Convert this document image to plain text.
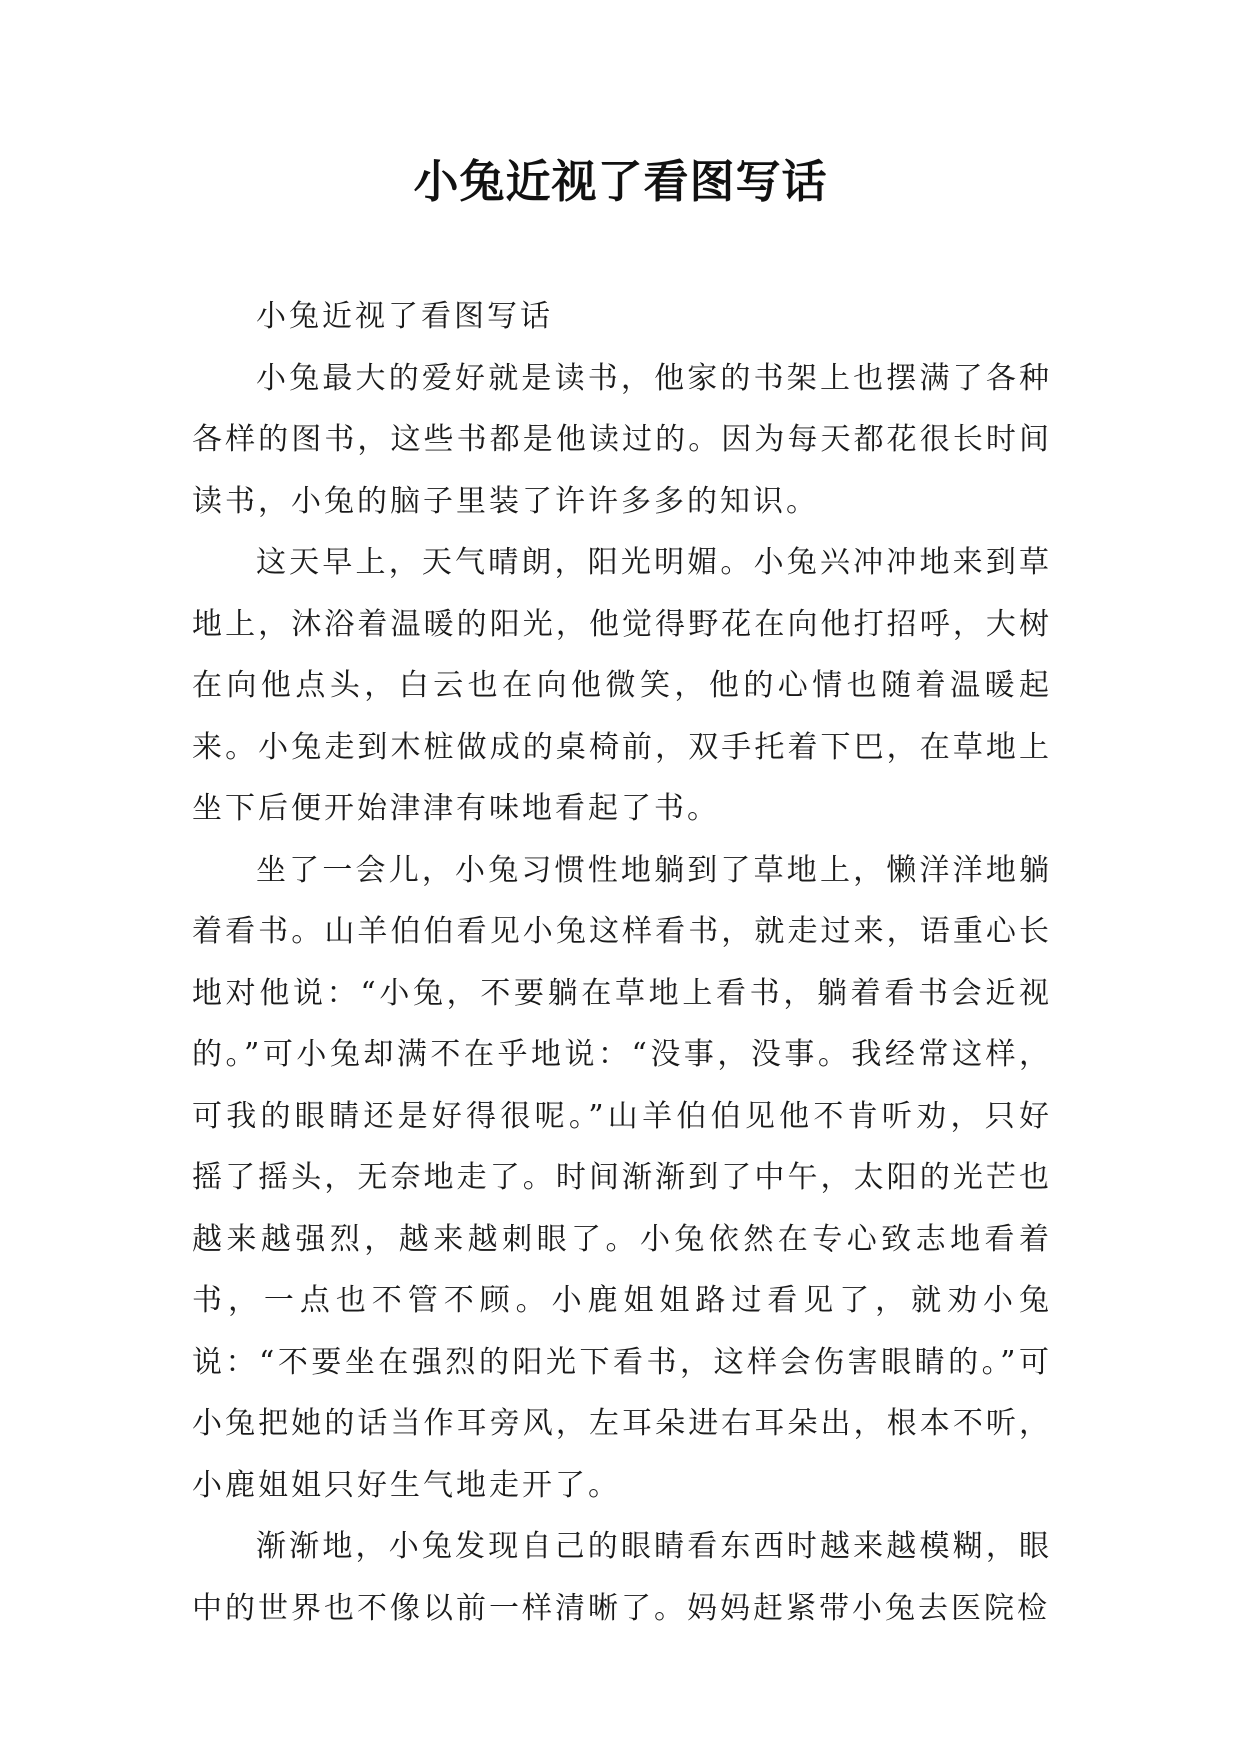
小兔近视了看图写话

小兔近视了看图写话

小兔最大的爱好就是读书，他家的书架上也摆满了各种各样的图书，这些书都是他读过的。因为每天都花很长时间读书，小兔的脑子里装了许许多多的知识。

这天早上，天气晴朗，阳光明媚。小兔兴冲冲地来到草地上，沐浴着温暖的阳光，他觉得野花在向他打招呼，大树在向他点头，白云也在向他微笑，他的心情也随着温暖起来。小兔走到木桩做成的桌椅前，双手托着下巴，在草地上坐下后便开始津津有味地看起了书。

坐了一会儿，小兔习惯性地躺到了草地上，懒洋洋地躺着看书。山羊伯伯看见小兔这样看书，就走过来，语重心长地对他说：“小兔，不要躺在草地上看书，躺着看书会近视的。”可小兔却满不在乎地说：“没事，没事。我经常这样，可我的眼睛还是好得很呢。”山羊伯伯见他不肯听劝，只好摇了摇头，无奈地走了。时间渐渐到了中午，太阳的光芒也越来越强烈，越来越刺眼了。小兔依然在专心致志地看着书，一点也不管不顾。小鹿姐姐路过看见了，就劝小兔说：“不要坐在强烈的阳光下看书，这样会伤害眼睛的。”可小兔把她的话当作耳旁风，左耳朵进右耳朵出，根本不听，小鹿姐姐只好生气地走开了。

渐渐地，小兔发现自己的眼睛看东西时越来越模糊，眼中的世界也不像以前一样清晰了。妈妈赶紧带小兔去医院检
